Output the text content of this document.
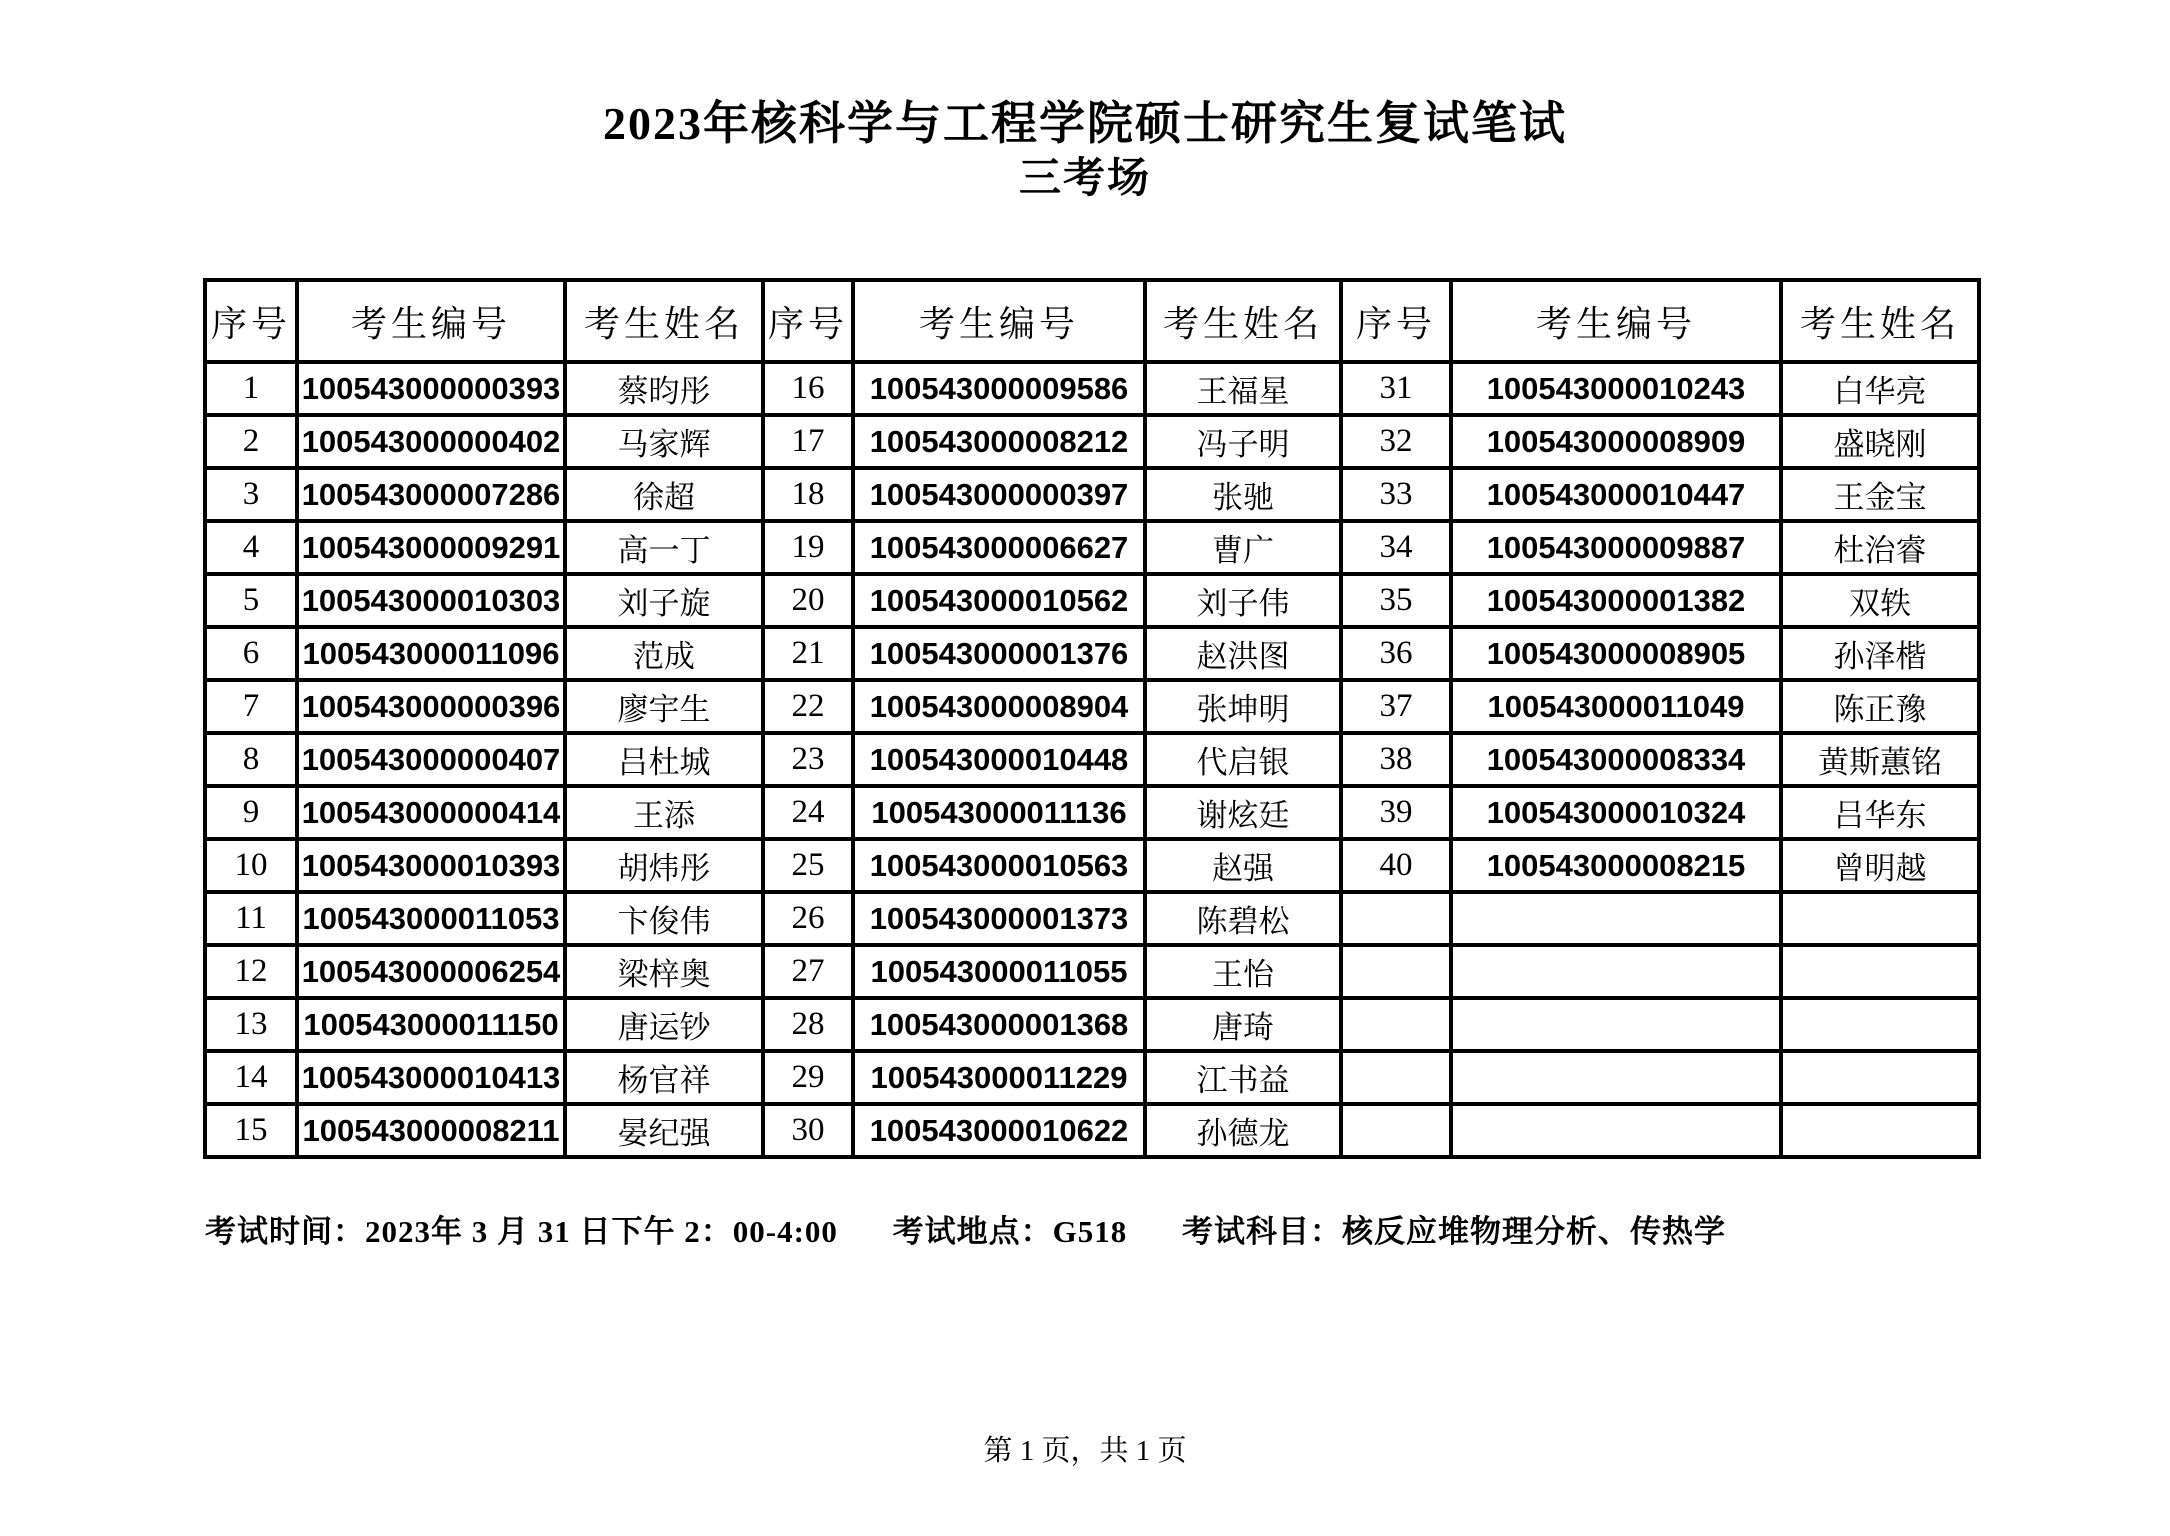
2023年核科学与工程学院硕士研究生复试笔试
三考场
序号	考生编号	考生姓名	序号	考生编号	考生姓名	序号	考生编号	考生姓名
1	100543000000393	蔡昀彤	16	100543000009586	王福星	31	100543000010243	白华亮
2	100543000000402	马家辉	17	100543000008212	冯子明	32	100543000008909	盛晓刚
3	100543000007286	徐超	18	100543000000397	张驰	33	100543000010447	王金宝
4	100543000009291	高一丁	19	100543000006627	曹广	34	100543000009887	杜治睿
5	100543000010303	刘子旋	20	100543000010562	刘子伟	35	100543000001382	双轶
6	100543000011096	范成	21	100543000001376	赵洪图	36	100543000008905	孙泽楷
7	100543000000396	廖宇生	22	100543000008904	张坤明	37	100543000011049	陈正豫
8	100543000000407	吕杜城	23	100543000010448	代启银	38	100543000008334	黄斯蕙铭
9	100543000000414	王添	24	100543000011136	谢炫廷	39	100543000010324	吕华东
10	100543000010393	胡炜彤	25	100543000010563	赵强	40	100543000008215	曾明越
11	100543000011053	卞俊伟	26	100543000001373	陈碧松			
12	100543000006254	梁梓奥	27	100543000011055	王怡			
13	100543000011150	唐运钞	28	100543000001368	唐琦			
14	100543000010413	杨官祥	29	100543000011229	江书益			
15	100543000008211	晏纪强	30	100543000010622	孙德龙			
考试时间：2023年 3 月 31 日下午 2：00-4:00 考试地点：G518 考试科目：核反应堆物理分析、传热学
第 1 页，共 1 页
